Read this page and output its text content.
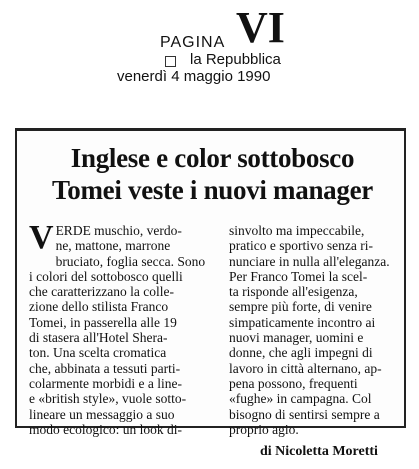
PAGINA VI
la Repubblica
venerdì 4 maggio 1990
Inglese e color sottobosco
Tomei veste i nuovi manager
V ERDE muschio, verdo-
ne, mattone, marrone
bruciato, foglia secca. Sono
i colori del sottobosco quelli
che caratterizzano la colle-
zione dello stilista Franco
Tomei, in passerella alle 19
di stasera all'Hotel Shera-
ton. Una scelta cromatica
che, abbinata a tessuti parti-
colarmente morbidi e a line-
e «british style», vuole sotto-
lineare un messaggio a suo
modo ecologico: un look di-
sinvolto ma impeccabile,
pratico e sportivo senza ri-
nunciare in nulla all'eleganza.
Per Franco Tomei la scel-
ta risponde all'esigenza,
sempre più forte, di venire
simpaticamente incontro ai
nuovi manager, uomini e
donne, che agli impegni di
lavoro in città alternano, ap-
pena possono, frequenti
«fughe» in campagna. Col
bisogno di sentirsi sempre a
proprio agio.
di Nicoletta Moretti
